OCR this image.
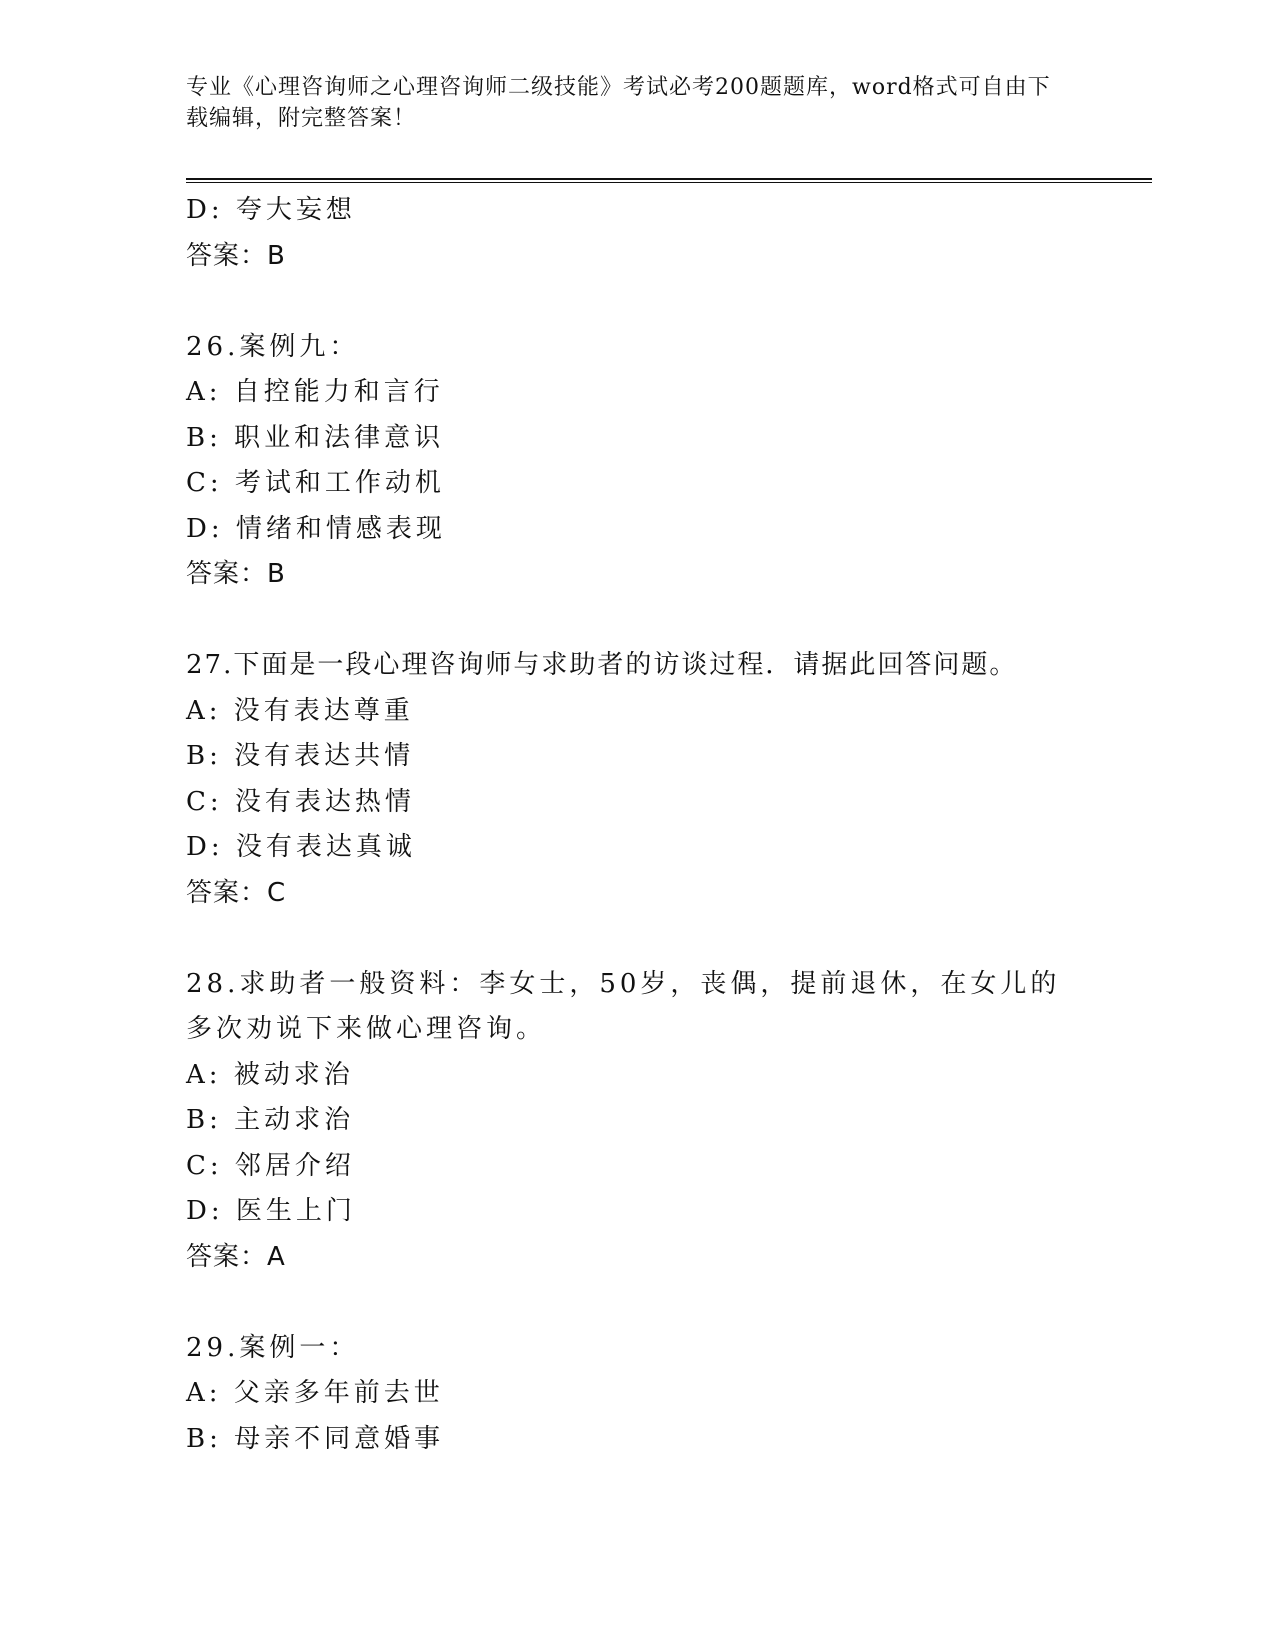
专业《心理咨询师之心理咨询师二级技能》考试必考200题题库，word格式可自由下载编辑，附完整答案！
D: 夸大妄想
答案：B
26.案例九：
A: 自控能力和言行
B: 职业和法律意识
C: 考试和工作动机
D: 情绪和情感表现
答案：B
27.下面是一段心理咨询师与求助者的访谈过程．请据此回答问题。
A: 没有表达尊重
B: 没有表达共情
C: 没有表达热情
D: 没有表达真诚
答案：C
28.求助者一般资料：李女士，50岁，丧偶，提前退休，在女儿的多次劝说下来做心理咨询。
A: 被动求治
B: 主动求治
C: 邻居介绍
D: 医生上门
答案：A
29.案例一：
A: 父亲多年前去世
B: 母亲不同意婚事
